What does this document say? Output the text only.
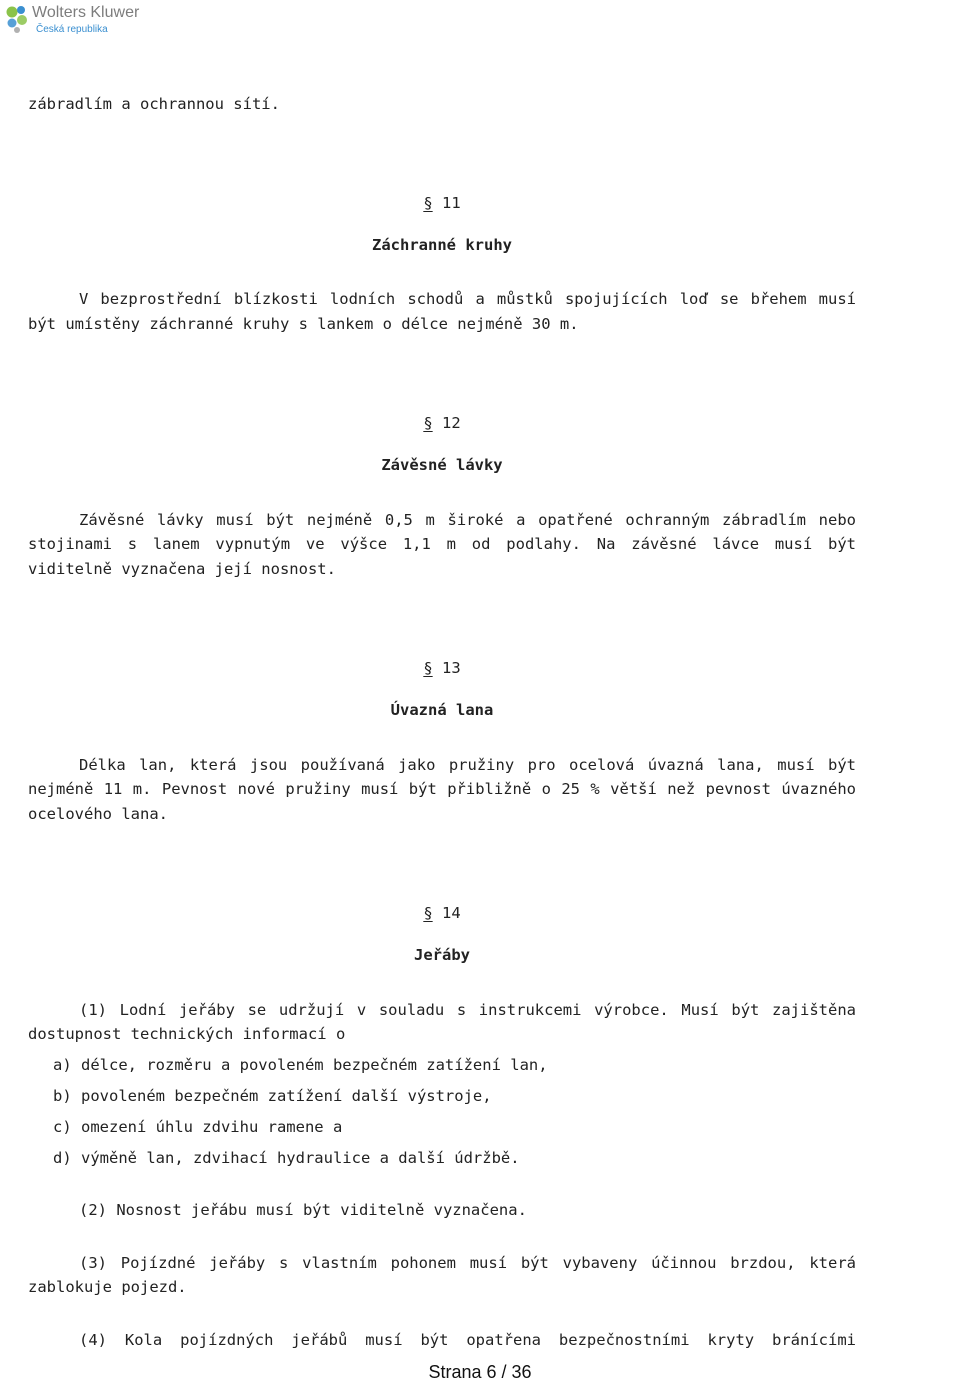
Wolters Kluwer
Česká republika

zábradlím a ochrannou sítí.

§ 11

Záchranné kruhy

V bezprostřední blízkosti lodních schodů a můstků spojujících loď se břehem musí být umístěny záchranné kruhy s lankem o délce nejméně 30 m.

§ 12

Závěsné lávky

Závěsné lávky musí být nejméně 0,5 m široké a opatřené ochranným zábradlím nebo stojinami s lanem vypnutým ve výšce 1,1 m od podlahy. Na závěsné lávce musí být viditelně vyznačena její nosnost.

§ 13

Úvazná lana

Délka lan, která jsou používaná jako pružiny pro ocelová úvazná lana, musí být nejméně 11 m. Pevnost nové pružiny musí být přibližně o 25 % větší než pevnost úvazného ocelového lana.

§ 14

Jeřáby

(1) Lodní jeřáby se udržují v souladu s instrukcemi výrobce. Musí být zajištěna dostupnost technických informací o

a) délce, rozměru a povoleném bezpečném zatížení lan,
b) povoleném bezpečném zatížení další výstroje,
c) omezení úhlu zdvihu ramene a
d) výměně lan, zdvihací hydraulice a další údržbě.

(2) Nosnost jeřábu musí být viditelně vyznačena.

(3) Pojízdné jeřáby s vlastním pohonem musí být vybaveny účinnou brzdou, která zablokuje pojezd.

(4) Kola pojízdných jeřábů musí být opatřena bezpečnostními kryty bránícími

Strana 6 / 36
